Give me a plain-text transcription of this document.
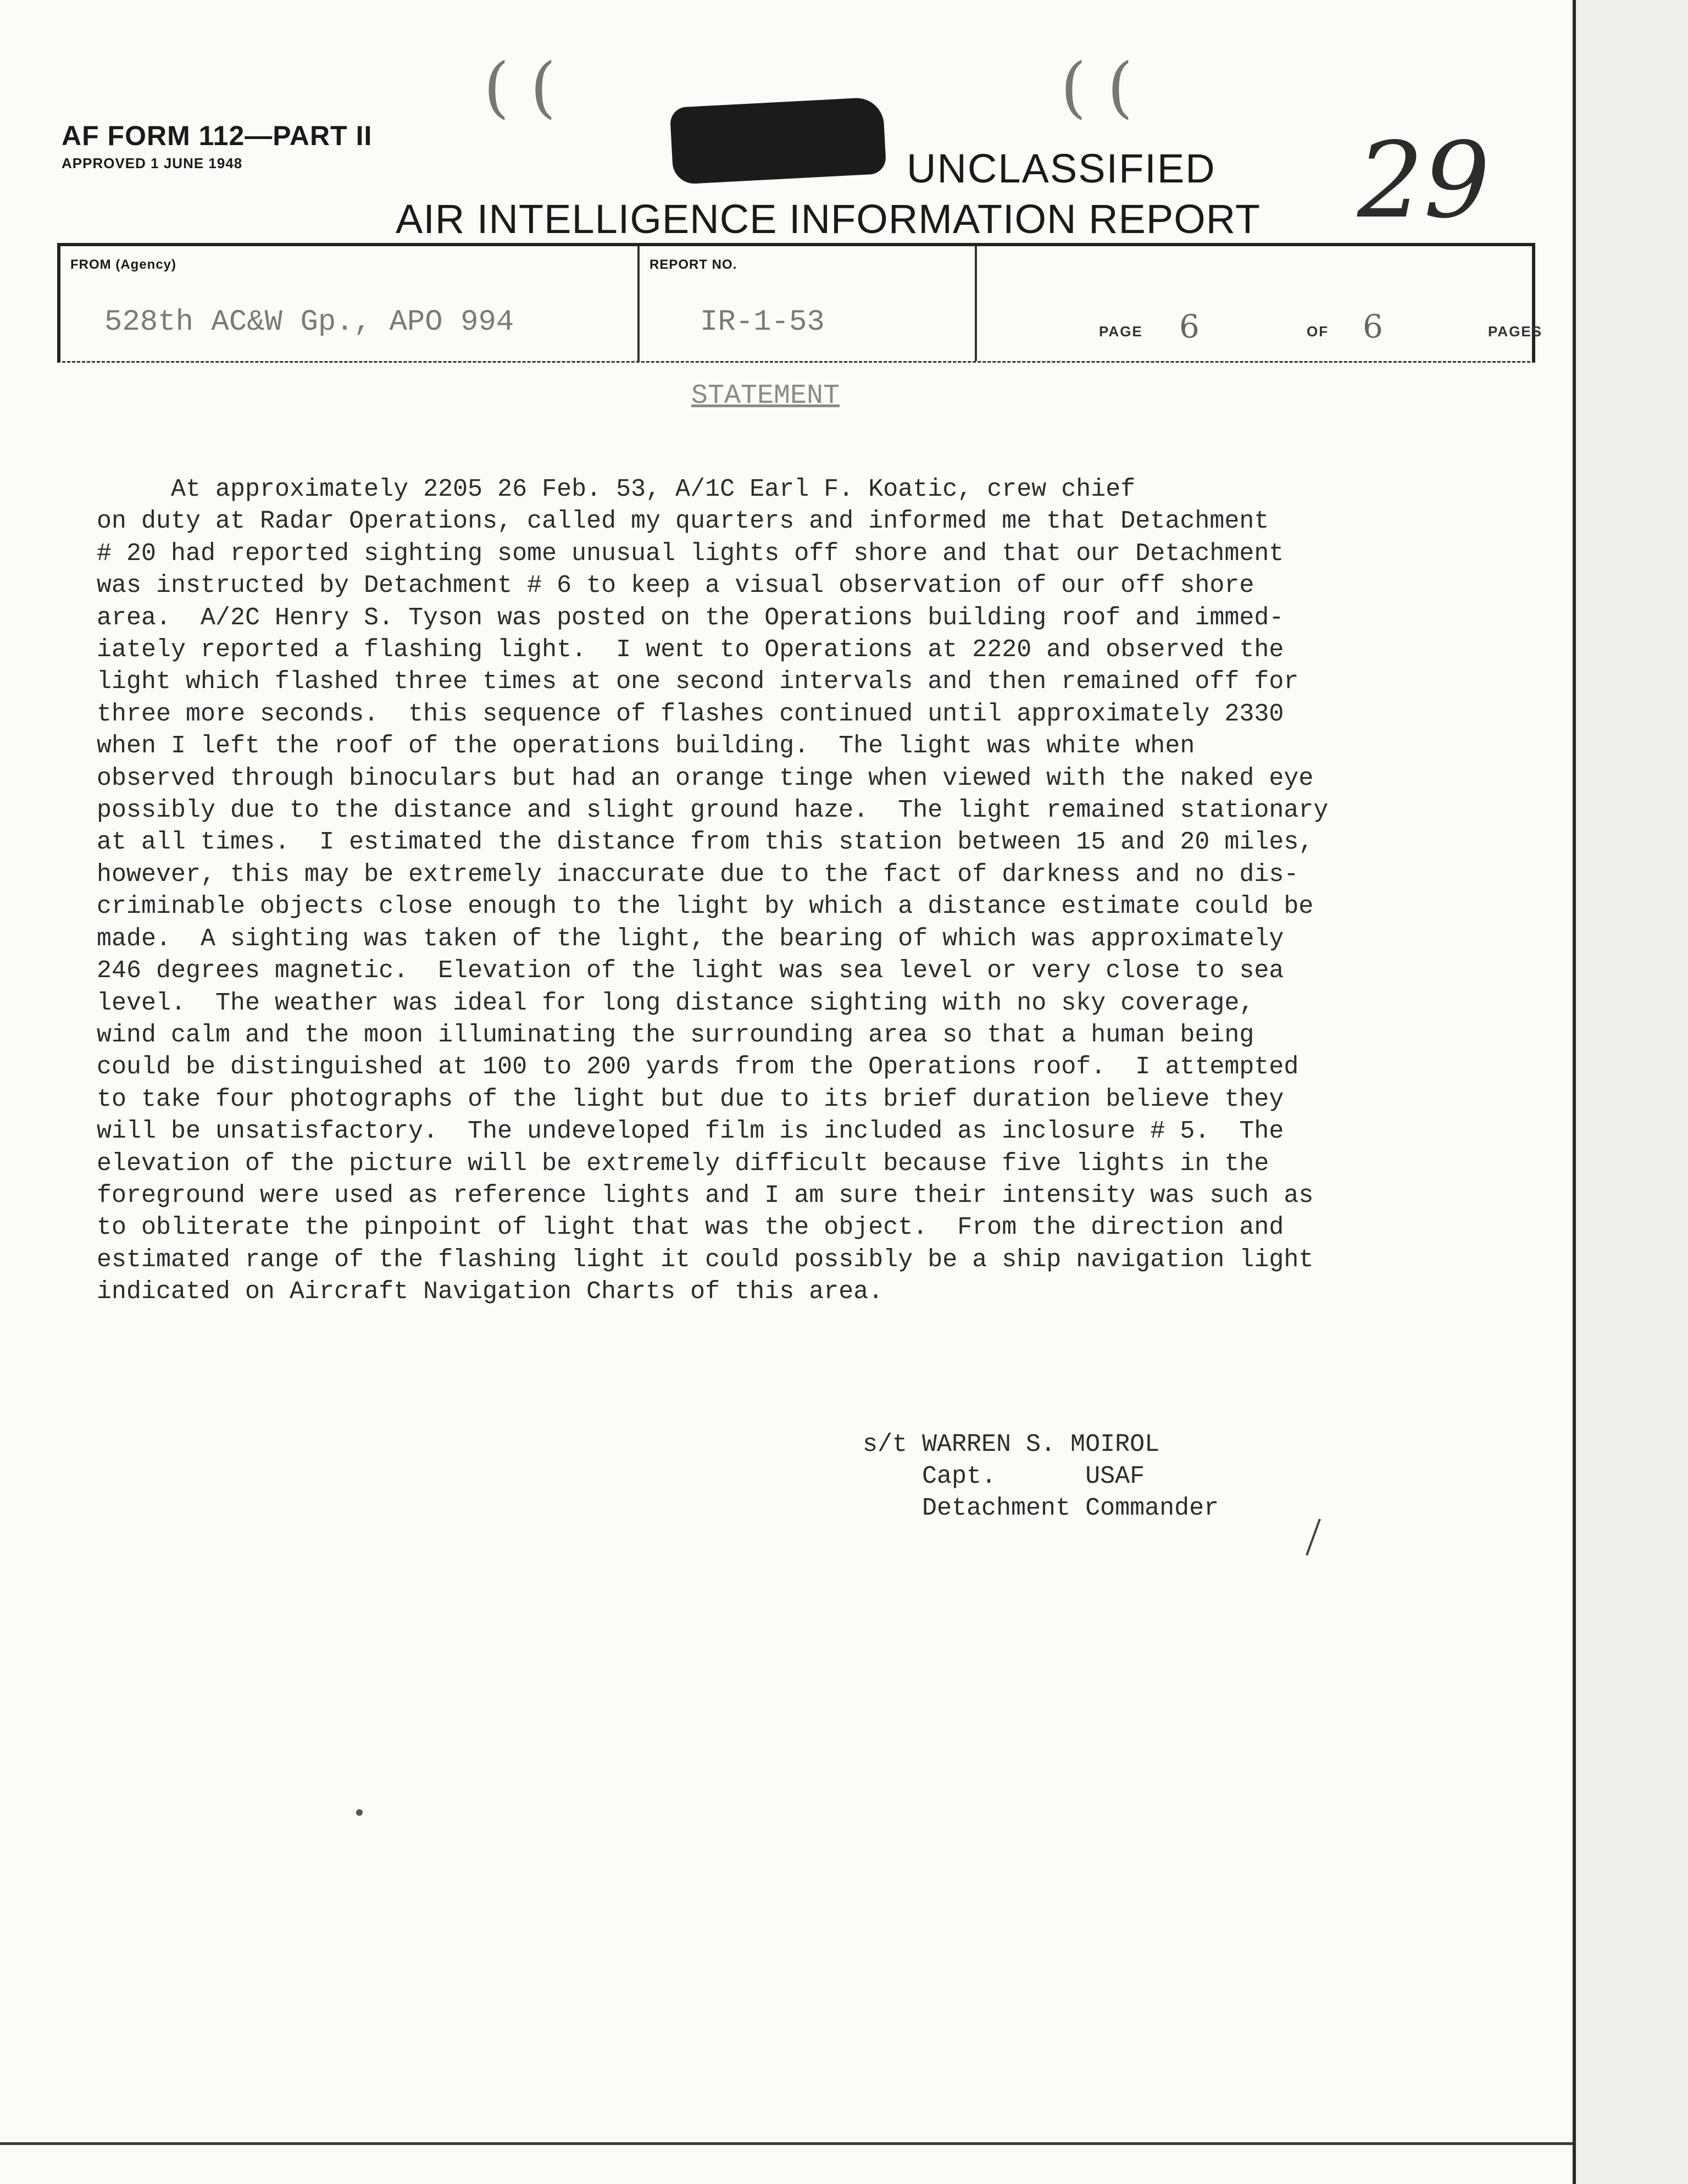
( (	( (
AF FORM 112—PART II
APPROVED 1 JUNE 1948	UNCLASSIFIED
AIR INTELLIGENCE INFORMATION REPORT 29
FROM (Agency)
528th AC&W Gp., APO 994
REPORT NO.
IR-1-53	PAGE 6	OF 6	PAGES
STATEMENT
At approximately 2205 26 Feb. 53, A/1C Earl F. Koatic, crew chief
on duty at Radar Operations, called my quarters and informed me that Detachment
# 20 had reported sighting some unusual lights off shore and that our Detachment
was instructed by Detachment # 6 to keep a visual observation of our off shore
area.  A/2C Henry S. Tyson was posted on the Operations building roof and immed-
iately reported a flashing light.  I went to Operations at 2220 and observed the
light which flashed three times at one second intervals and then remained off for
three more seconds.  this sequence of flashes continued until approximately 2330
when I left the roof of the operations building.  The light was white when
observed through binoculars but had an orange tinge when viewed with the naked eye
possibly due to the distance and slight ground haze.  The light remained stationary
at all times.  I estimated the distance from this station between 15 and 20 miles,
however, this may be extremely inaccurate due to the fact of darkness and no dis-
criminable objects close enough to the light by which a distance estimate could be
made.  A sighting was taken of the light, the bearing of which was approximately
246 degrees magnetic.  Elevation of the light was sea level or very close to sea
level.  The weather was ideal for long distance sighting with no sky coverage,
wind calm and the moon illuminating the surrounding area so that a human being
could be distinguished at 100 to 200 yards from the Operations roof.  I attempted
to take four photographs of the light but due to its brief duration believe they
will be unsatisfactory.  The undeveloped film is included as inclosure # 5.  The
elevation of the picture will be extremely difficult because five lights in the
foreground were used as reference lights and I am sure their intensity was such as
to obliterate the pinpoint of light that was the object.  From the direction and
estimated range of the flashing light it could possibly be a ship navigation light
indicated on Aircraft Navigation Charts of this area.
s/t WARREN S. MOIROL
Capt.      USAF
Detachment Commander
